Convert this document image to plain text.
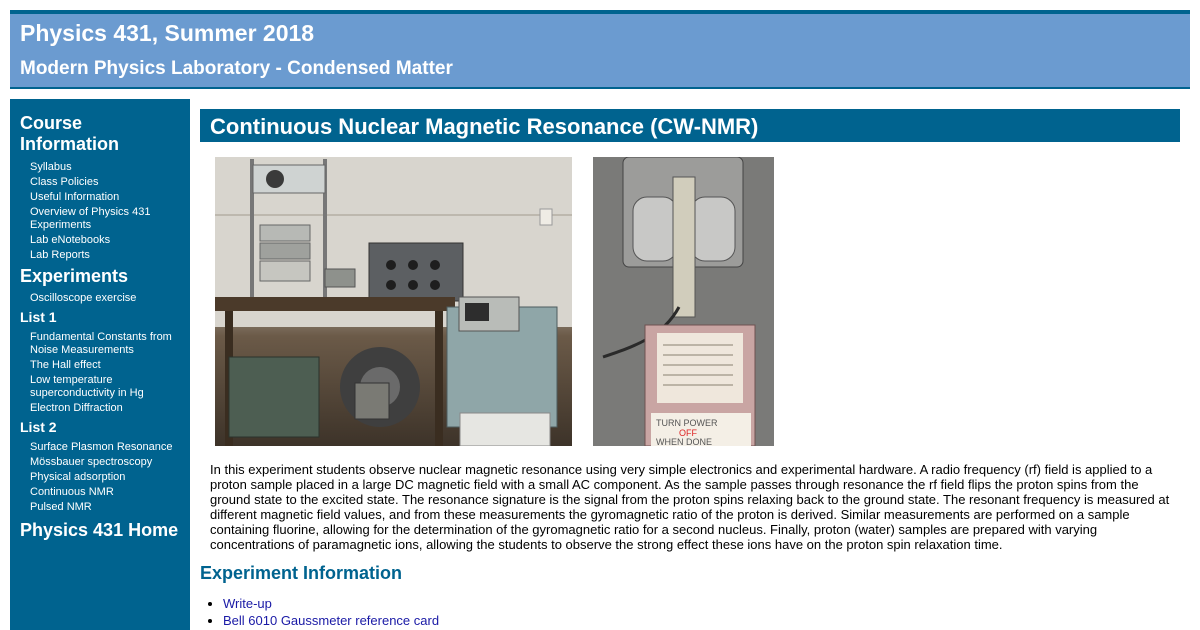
Physics 431, Summer 2018
Modern Physics Laboratory - Condensed Matter
Course Information
Syllabus
Class Policies
Useful Information
Overview of Physics 431 Experiments
Lab eNotebooks
Lab Reports
Experiments
Oscilloscope exercise
List 1
Fundamental Constants from Noise Measurements
The Hall effect
Low temperature superconductivity in Hg
Electron Diffraction
List 2
Surface Plasmon Resonance
Mössbauer spectroscopy
Physical adsorption
Continuous NMR
Pulsed NMR
Physics 431 Home
Continuous Nuclear Magnetic Resonance (CW-NMR)
TURN POWER
OFF
WHEN DONE

In this experiment students observe nuclear magnetic resonance using very simple electronics and experimental hardware. A radio frequency (rf) field is applied to a proton sample placed in a large DC magnetic field with a small AC component. As the sample passes through resonance the rf field flips the proton spins from the ground state to the excited state. The resonance signature is the signal from the proton spins relaxing back to the ground state. The resonant frequency is measured at different magnetic field values, and from these measurements the gyromagnetic ratio of the proton is derived. Similar measurements are performed on a sample containing fluorine, allowing for the determination of the gyromagnetic ratio for a second nucleus. Finally, proton (water) samples are prepared with varying concentrations of paramagnetic ions, allowing the students to observe the strong effect these ions have on the proton spin relaxation time.

Experiment Information
• Write-up
• Bell 6010 Gaussmeter reference card
